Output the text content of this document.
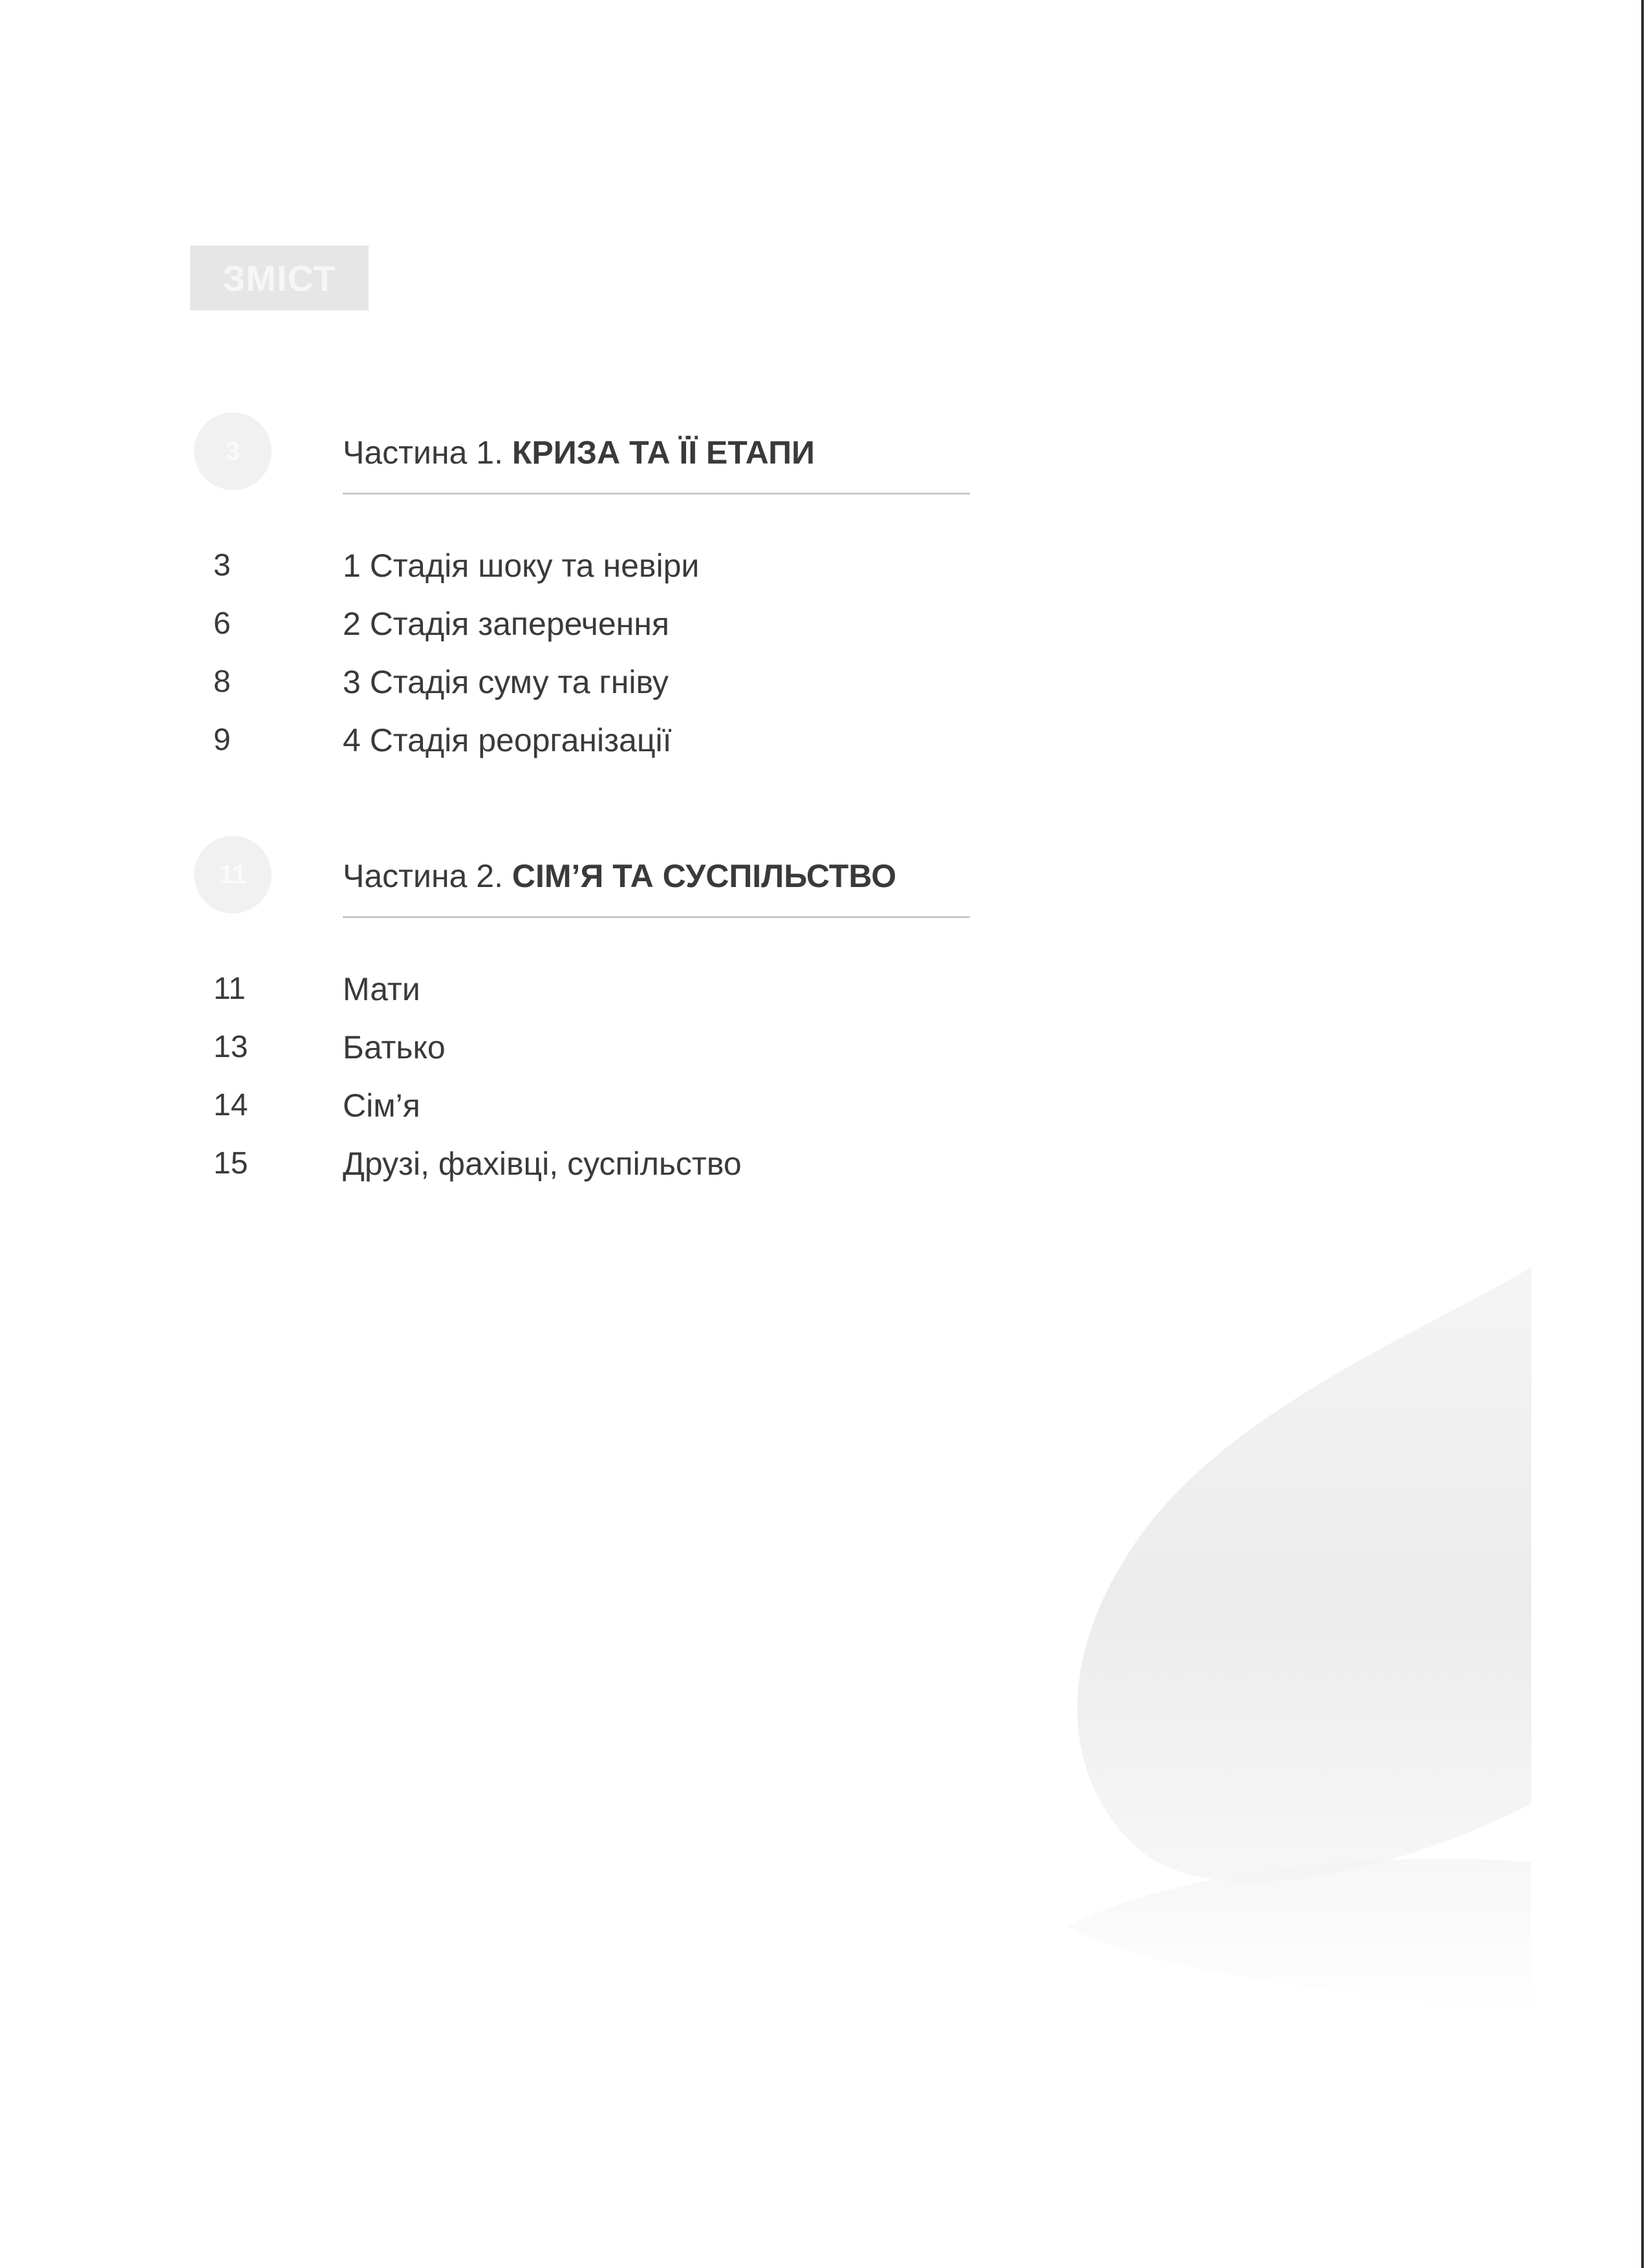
ЗМІСТ
3	Частина 1. КРИЗА ТА ЇЇ ЕТАПИ
3	1 Стадія шоку та невіри
6	2 Стадія заперечення
8	3 Стадія суму та гніву
9	4 Стадія реорганізації
11	Частина 2. СІМ’Я ТА СУСПІЛЬСТВО
11	Мати
13	Батько
14	Сім’я
15	Друзі, фахівці, суспільство
